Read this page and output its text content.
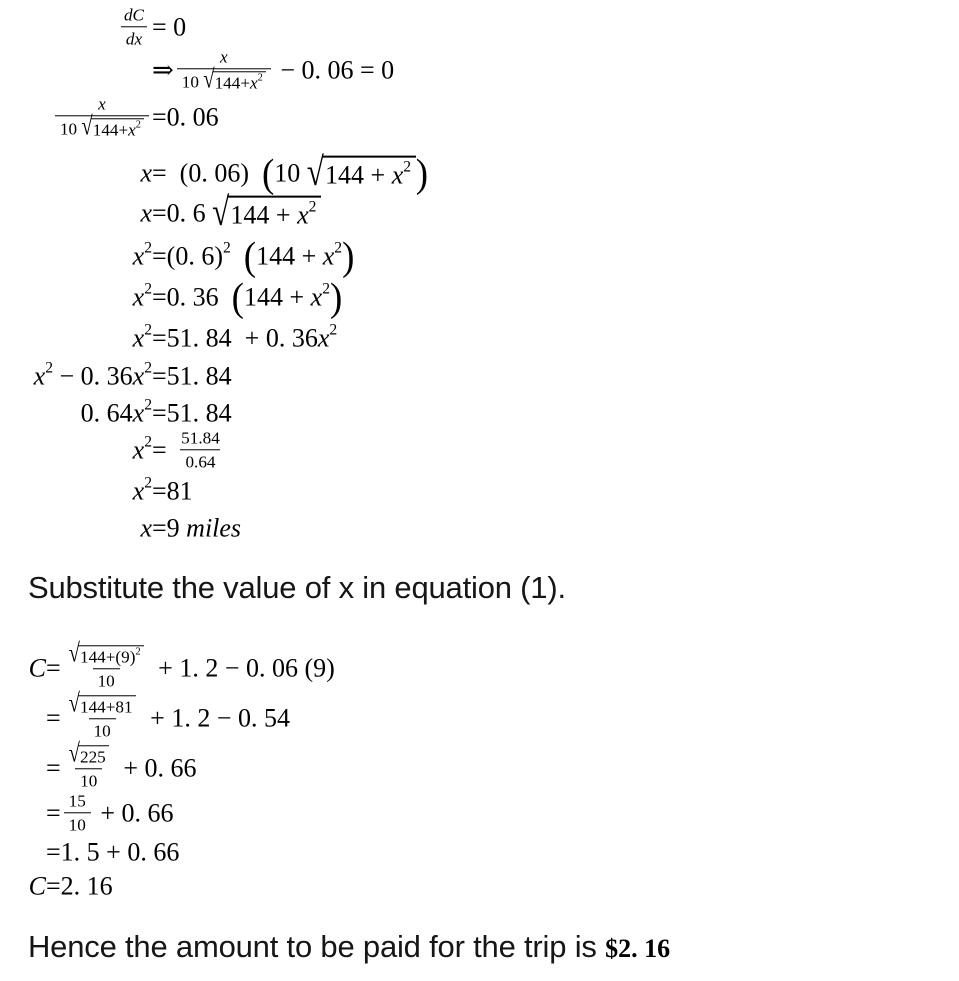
$\frac{dC}{dx} = 0$
⇒ $\frac{x}{10 √ 144+ x 2} - 0$. 06 = 0
$\frac{x}{10 √ 144+ x 2} =0$. 06
x =  (0. 06) ( 10 √ 144 + x 2 )
x =0. 6 √ 144 + x 2
x 2 =(0. 6) 2
( 144 + x 2 )
x 2 =0. 36 ( 144 + x 2 )
x 2 =51. 84  + 0. 36 x 2
x 2 − 0. 36 x 2 =51. 84
0. 64 x 2 =51. 84
x $2 = \frac{51.84}{0.64}$
x 2 =81
x =9 miles
Substitute the value of x in equation (1).
$C = \frac{√ 144+(9) 2}{10} + 1$. 2 − 0. 06 (9)
= $\frac{√ 144+81}{10} + 1$. 2 − 0. 54
= $\frac{√ 225}{10} + 0$. 66
= $\frac{15}{10} + 0$. 66
=1. 5 + 0. 66
C =2. 16
Hence the amount to be paid for the trip is $2. 16
